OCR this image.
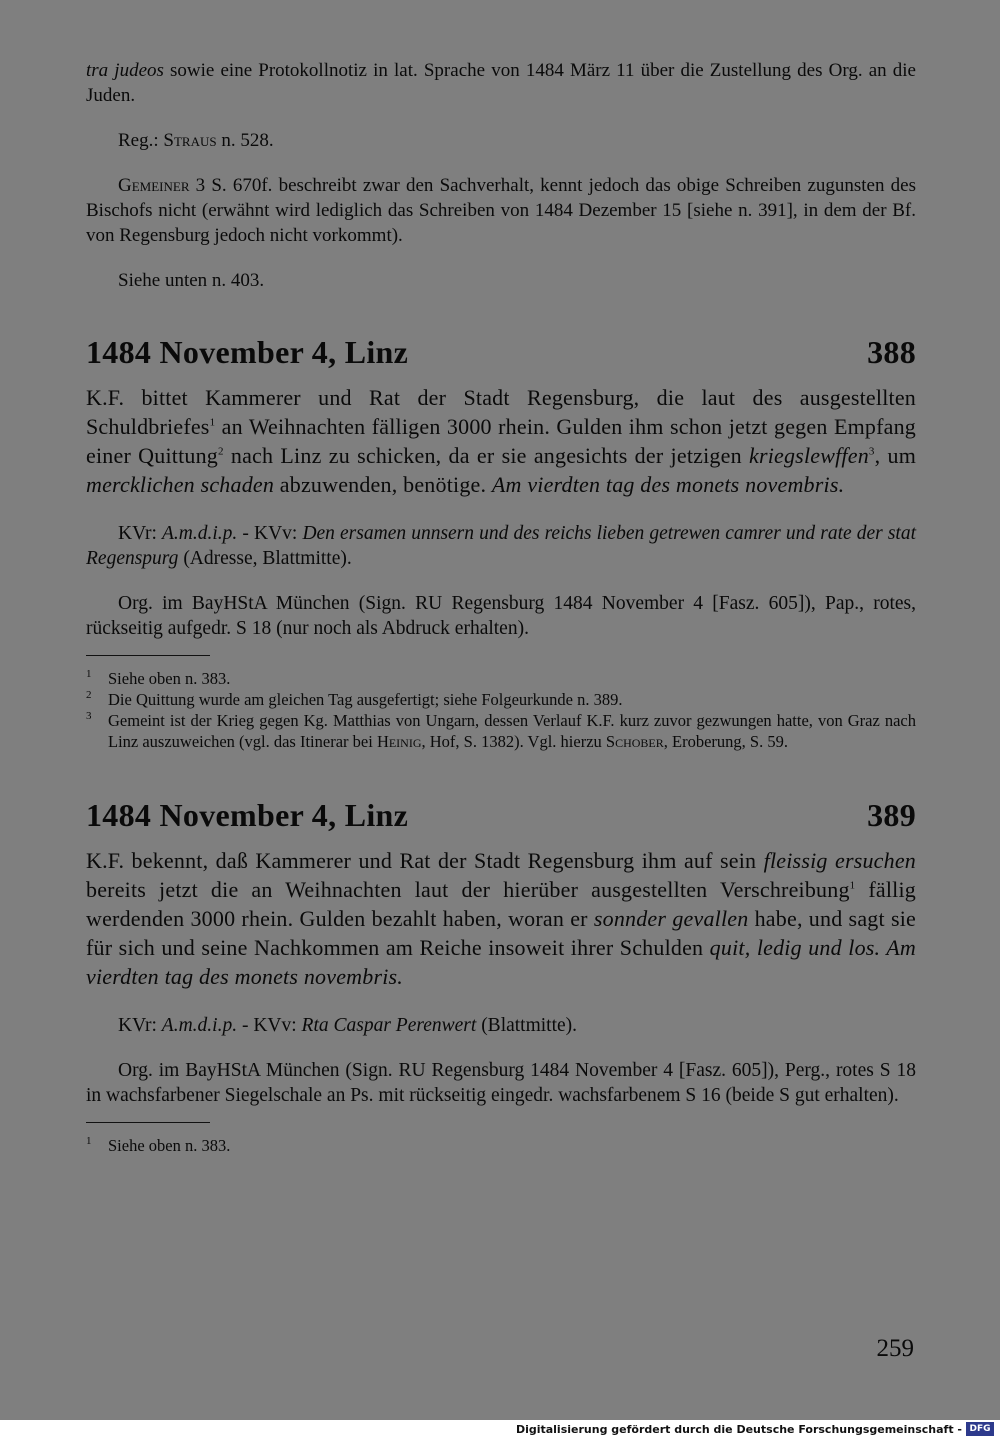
tra judeos sowie eine Protokollnotiz in lat. Sprache von 1484 März 11 über die Zustellung des Org. an die Juden.

Reg.: Straus n. 528.

Gemeiner 3 S. 670f. beschreibt zwar den Sachverhalt, kennt jedoch das obige Schreiben zugunsten des Bischofs nicht (erwähnt wird lediglich das Schreiben von 1484 Dezember 15 [siehe n. 391], in dem der Bf. von Regensburg jedoch nicht vorkommt).

Siehe unten n. 403.

1484 November 4, Linz	388

K.F. bittet Kammerer und Rat der Stadt Regensburg, die laut des ausgestellten Schuldbriefes$^1$ an Weihnachten fälligen 3000 rhein. Gulden ihm schon jetzt gegen Empfang einer Quittung$^2$ nach Linz zu schicken, da er sie angesichts der jetzigen kriegslewffen$^3$, um mercklichen schaden abzuwenden, benötige. Am vierdten tag des monets novembris.

KVr: A.m.d.i.p. - KVv: Den ersamen unnsern und des reichs lieben getrewen camrer und rate der stat Regenspurg (Adresse, Blattmitte).

Org. im BayHStA München (Sign. RU Regensburg 1484 November 4 [Fasz. 605]), Pap., rotes, rückseitig aufgedr. S 18 (nur noch als Abdruck erhalten).

1	Siehe oben n. 383.
2	Die Quittung wurde am gleichen Tag ausgefertigt; siehe Folgeurkunde n. 389.
3	Gemeint ist der Krieg gegen Kg. Matthias von Ungarn, dessen Verlauf K.F. kurz zuvor gezwungen hatte, von Graz nach Linz auszuweichen (vgl. das Itinerar bei Heinig, Hof, S. 1382). Vgl. hierzu Schober, Eroberung, S. 59.
1484 November 4, Linz	389

K.F. bekennt, daß Kammerer und Rat der Stadt Regensburg ihm auf sein fleissig ersuchen bereits jetzt die an Weihnachten laut der hierüber ausgestellten Verschreibung$^1$ fällig werdenden 3000 rhein. Gulden bezahlt haben, woran er sonnder gevallen habe, und sagt sie für sich und seine Nachkommen am Reiche insoweit ihrer Schulden quit, ledig und los. Am vierdten tag des monets novembris.

KVr: A.m.d.i.p. - KVv: Rta Caspar Perenwert (Blattmitte).

Org. im BayHStA München (Sign. RU Regensburg 1484 November 4 [Fasz. 605]), Perg., rotes S 18 in wachsfarbener Siegelschale an Ps. mit rückseitig eingedr. wachsfarbenem S 16 (beide S gut erhalten).

1	Siehe oben n. 383.
259
Digitalisierung gefördert durch die Deutsche Forschungsgemeinschaft - DFG
